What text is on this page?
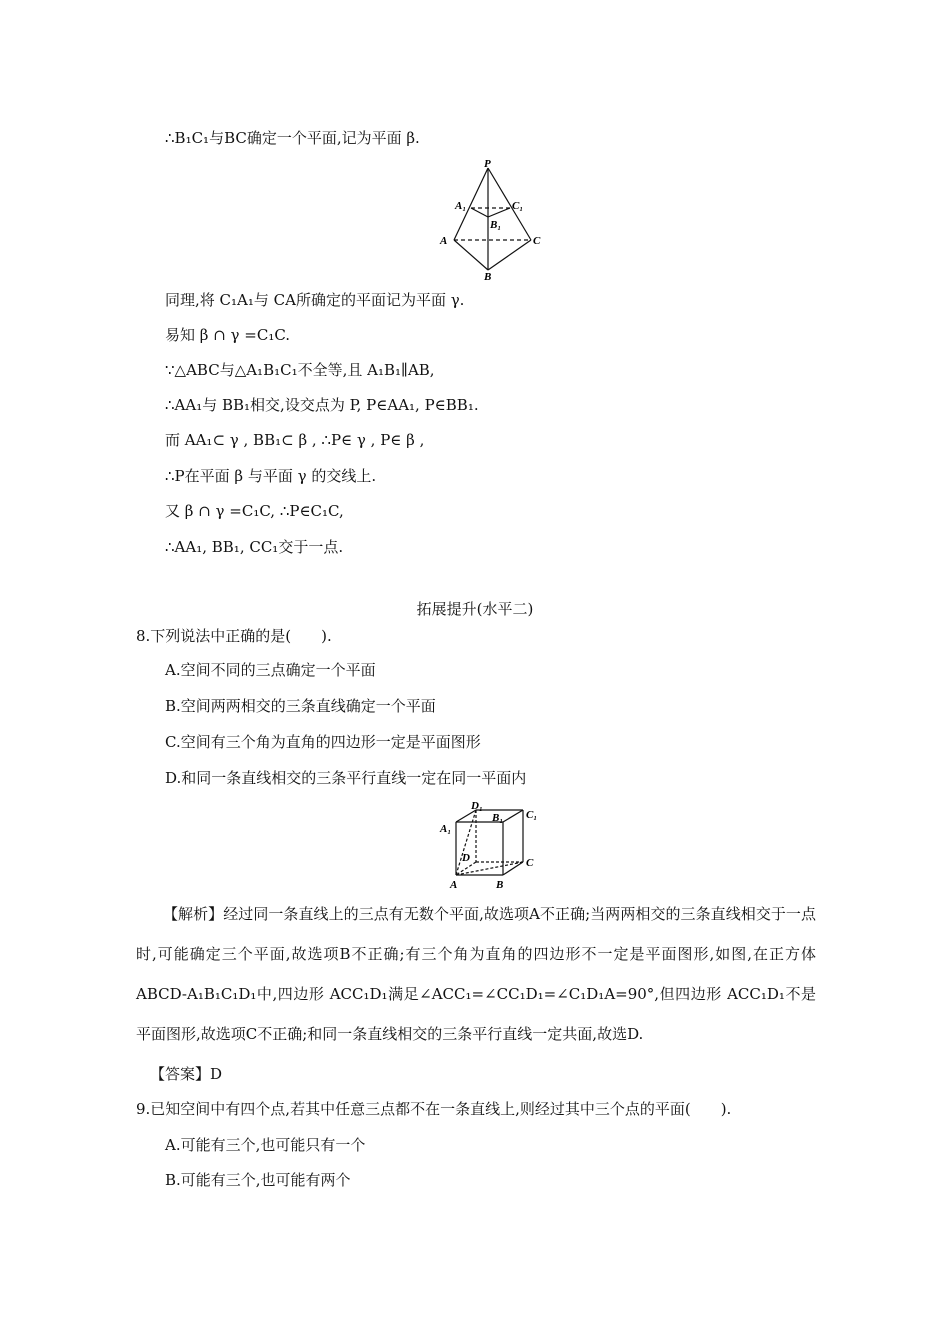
∴B₁C₁与BC确定一个平面,记为平面 β.
P
A₁	C₁
B₁
A	C
B
同理,将 C₁A₁与 CA所确定的平面记为平面 γ.
易知 β ∩ γ =C₁C.
∵△ABC与△A₁B₁C₁不全等,且 A₁B₁∥AB,
∴AA₁与 BB₁相交,设交点为 P, P∈AA₁, P∈BB₁.
而 AA₁⊂ γ , BB₁⊂ β , ∴P∈ γ , P∈ β ,
∴P在平面 β 与平面 γ 的交线上.
又 β ∩ γ =C₁C, ∴P∈C₁C,
∴AA₁, BB₁, CC₁交于一点.
拓展提升(水平二)
8.下列说法中正确的是(　　).
A.空间不同的三点确定一个平面
B.空间两两相交的三条直线确定一个平面
C.空间有三个角为直角的四边形一定是平面图形
D.和同一条直线相交的三条平行直线一定在同一平面内
D₁
C₁
A₁
B₁
D	C
A	B
【解析】经过同一条直线上的三点有无数个平面,故选项A不正确;当两两相交的三条直线相交于一点时,可能确定三个平面,故选项B不正确;有三个角为直角的四边形不一定是平面图形,如图,在正方体 ABCD-A₁B₁C₁D₁中,四边形 ACC₁D₁满足∠ACC₁=∠CC₁D₁=∠C₁D₁A=90°,但四边形 ACC₁D₁不是平面图形,故选项C不正确;和同一条直线相交的三条平行直线一定共面,故选D.
【答案】D
9.已知空间中有四个点,若其中任意三点都不在一条直线上,则经过其中三个点的平面(　　).
A.可能有三个,也可能只有一个
B.可能有三个,也可能有两个
